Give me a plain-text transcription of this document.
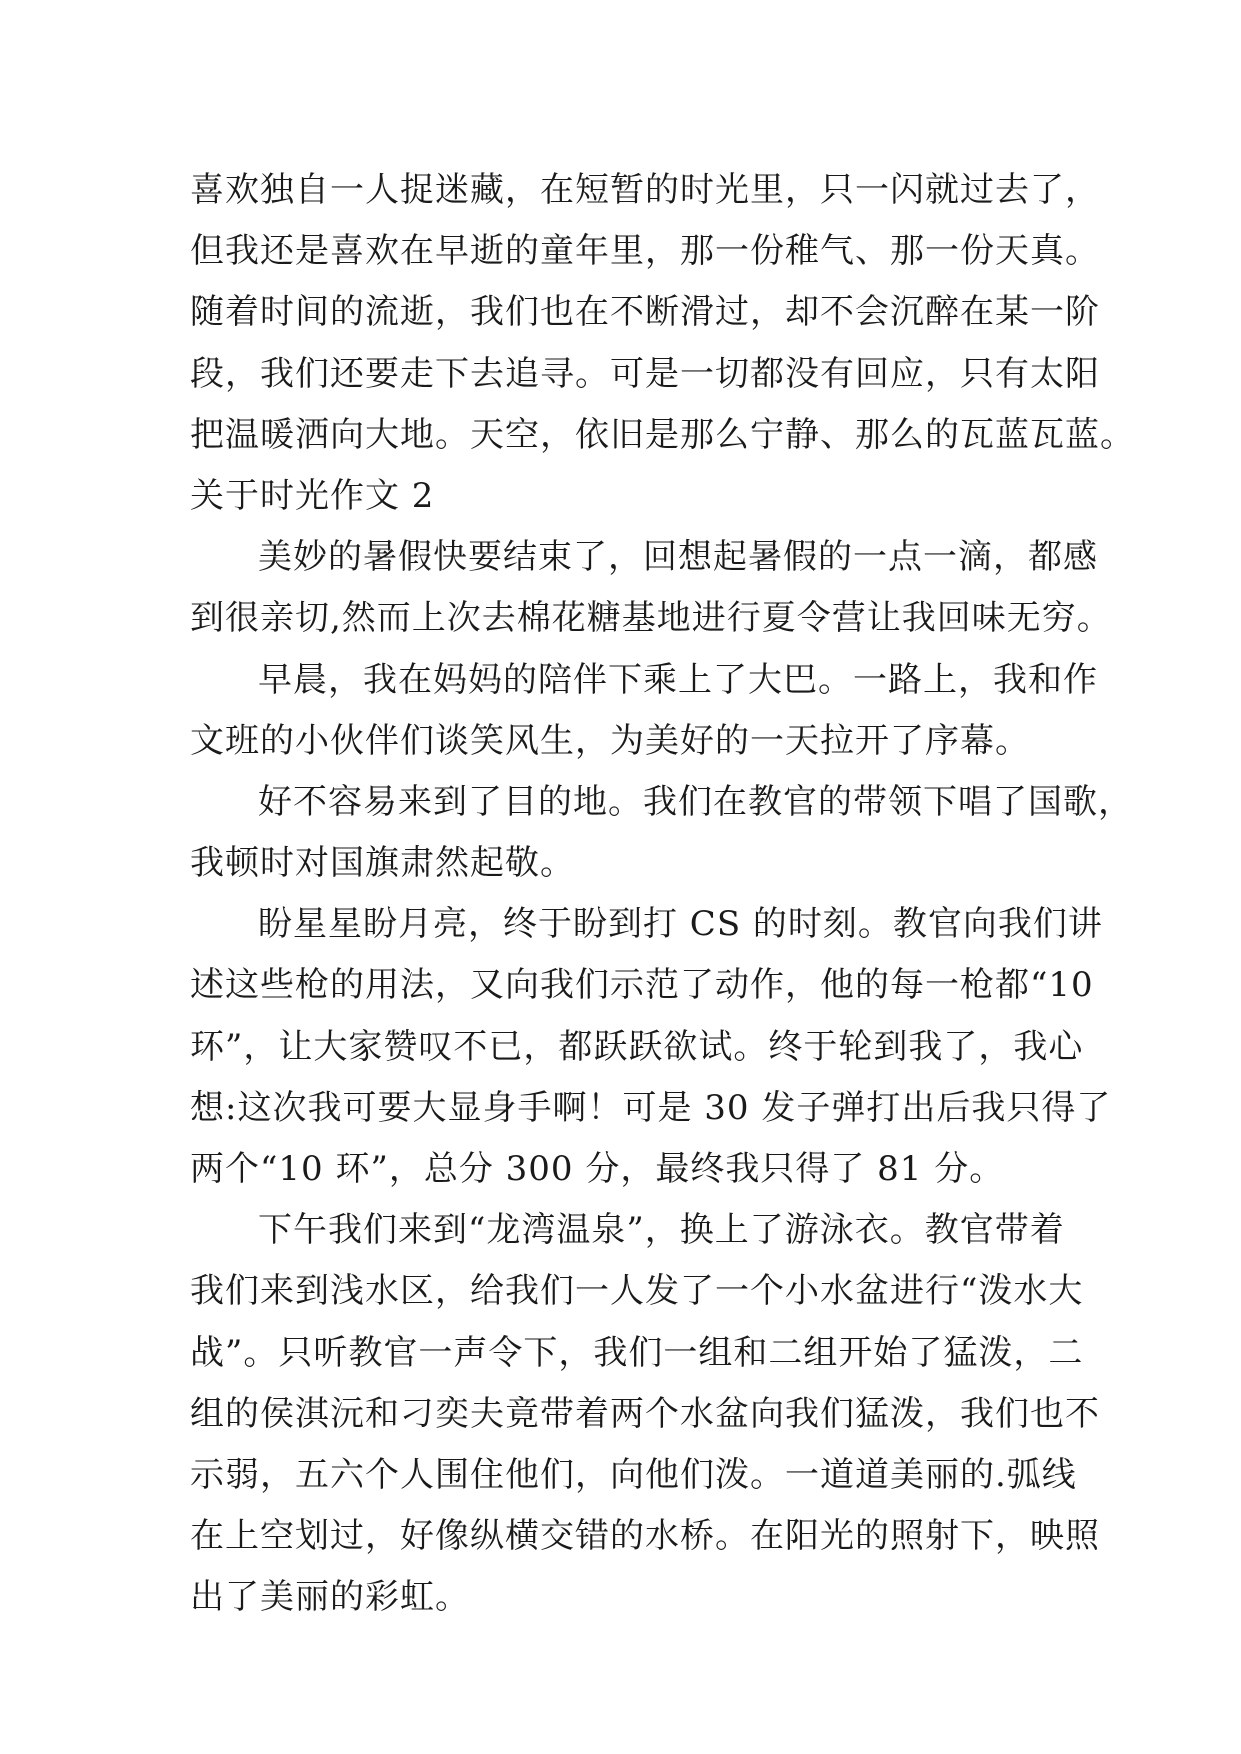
喜欢独自一人捉迷藏，在短暂的时光里，只一闪就过去了，
但我还是喜欢在早逝的童年里，那一份稚气、那一份天真。
随着时间的流逝，我们也在不断滑过，却不会沉醉在某一阶
段，我们还要走下去追寻。可是一切都没有回应，只有太阳
把温暖洒向大地。天空，依旧是那么宁静、那么的瓦蓝瓦蓝。
关于时光作文 2
美妙的暑假快要结束了，回想起暑假的一点一滴，都感
到很亲切,然而上次去棉花糖基地进行夏令营让我回味无穷。
早晨，我在妈妈的陪伴下乘上了大巴。一路上，我和作
文班的小伙伴们谈笑风生，为美好的一天拉开了序幕。
好不容易来到了目的地。我们在教官的带领下唱了国歌，
我顿时对国旗肃然起敬。
盼星星盼月亮，终于盼到打 CS 的时刻。教官向我们讲
述这些枪的用法，又向我们示范了动作，他的每一枪都“10
环”，让大家赞叹不已，都跃跃欲试。终于轮到我了，我心
想:这次我可要大显身手啊！可是 30 发子弹打出后我只得了
两个“10 环”，总分 300 分，最终我只得了 81 分。
下午我们来到“龙湾温泉”，换上了游泳衣。教官带着
我们来到浅水区，给我们一人发了一个小水盆进行“泼水大
战”。只听教官一声令下，我们一组和二组开始了猛泼，二
组的侯淇沅和刁奕夫竟带着两个水盆向我们猛泼，我们也不
示弱，五六个人围住他们，向他们泼。一道道美丽的.弧线
在上空划过，好像纵横交错的水桥。在阳光的照射下，映照
出了美丽的彩虹。
